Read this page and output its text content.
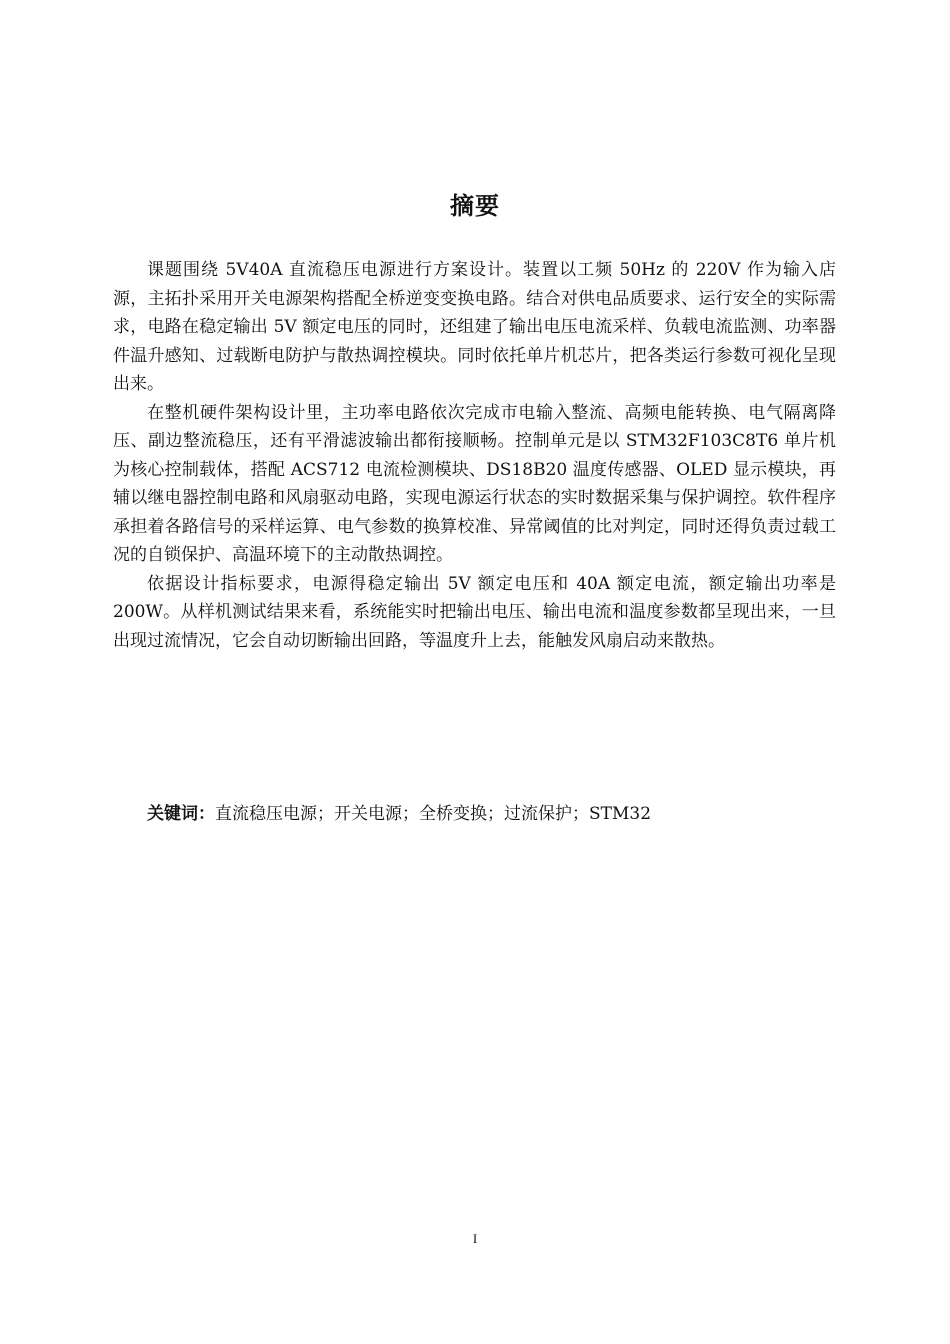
摘要

课题围绕 5V40A 直流稳压电源进行方案设计。装置以工频 50Hz 的 220V 作为输入店源，主拓扑采用开关电源架构搭配全桥逆变变换电路。结合对供电品质要求、运行安全的实际需求，电路在稳定输出 5V 额定电压的同时，还组建了输出电压电流采样、负载电流监测、功率器件温升感知、过载断电防护与散热调控模块。同时依托单片机芯片，把各类运行参数可视化呈现出来。

在整机硬件架构设计里，主功率电路依次完成市电输入整流、高频电能转换、电气隔离降压、副边整流稳压，还有平滑滤波输出都衔接顺畅。控制单元是以 STM32F103C8T6 单片机为核心控制载体，搭配 ACS712 电流检测模块、DS18B20 温度传感器、OLED 显示模块，再辅以继电器控制电路和风扇驱动电路，实现电源运行状态的实时数据采集与保护调控。软件程序承担着各路信号的采样运算、电气参数的换算校准、异常阈值的比对判定，同时还得负责过载工况的自锁保护、高温环境下的主动散热调控。

依据设计指标要求，电源得稳定输出 5V 额定电压和 40A 额定电流，额定输出功率是 200W。从样机测试结果来看，系统能实时把输出电压、输出电流和温度参数都呈现出来，一旦出现过流情况，它会自动切断输出回路，等温度升上去，能触发风扇启动来散热。

关键词：直流稳压电源；开关电源；全桥变换；过流保护；STM32
I
